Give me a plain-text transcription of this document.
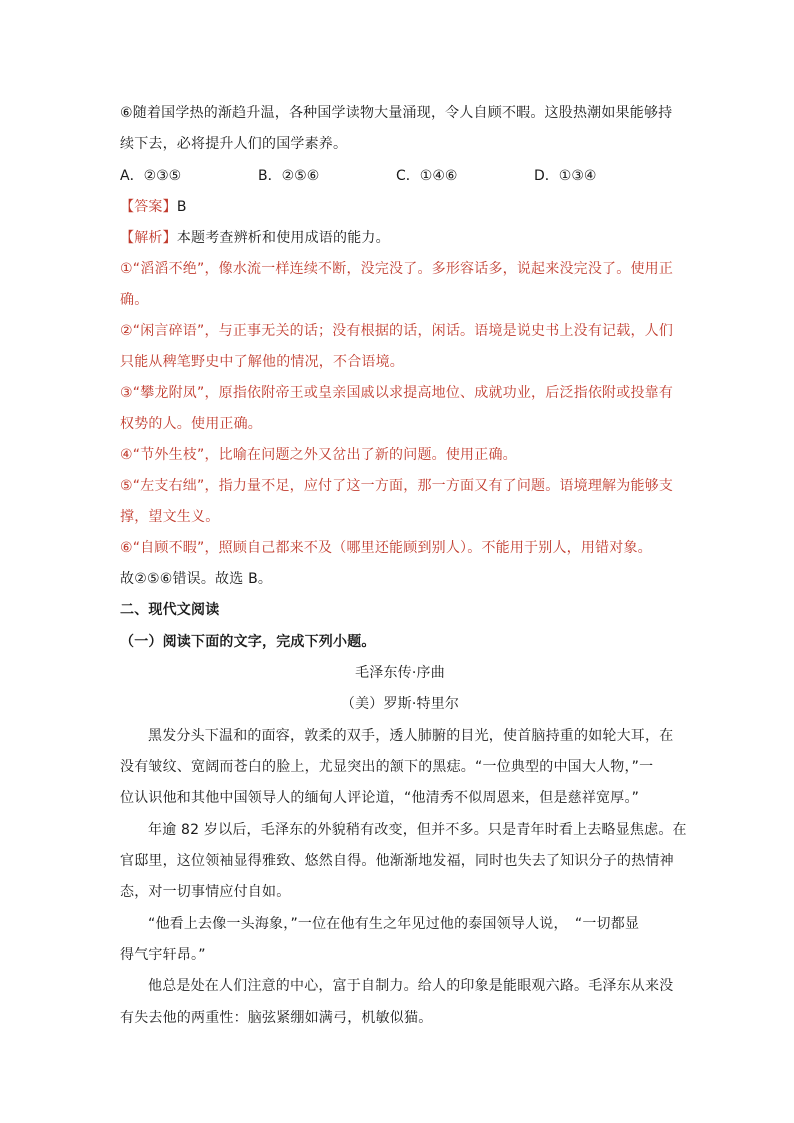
⑥随着国学热的渐趋升温，各种国学读物大量涌现，令人自顾不暇。这股热潮如果能够持
续下去，必将提升人们的国学素养。
A．②③⑤	B．②⑤⑥	C．①④⑥	D．①③④
【答案】B
【解析】本题考查辨析和使用成语的能力。
①“滔滔不绝”，像水流一样连续不断，没完没了。多形容话多，说起来没完没了。使用正
确。
②“闲言碎语”，与正事无关的话；没有根据的话，闲话。语境是说史书上没有记载，人们
只能从稗笔野史中了解他的情况，不合语境。
③“攀龙附凤”，原指依附帝王或皇亲国戚以求提高地位、成就功业，后泛指依附或投靠有
权势的人。使用正确。
④“节外生枝”，比喻在问题之外又岔出了新的问题。使用正确。
⑤“左支右绌”，指力量不足，应付了这一方面，那一方面又有了问题。语境理解为能够支
撑，望文生义。
⑥“自顾不暇”，照顾自己都来不及（哪里还能顾到别人）。不能用于别人，用错对象。
故②⑤⑥错误。故选 B。
二、现代文阅读
（一）阅读下面的文字，完成下列小题。
毛泽东传·序曲
（美）罗斯·特里尔
黑发分头下温和的面容，敦柔的双手，透人肺腑的目光，使首脑持重的如轮大耳，在
没有皱纹、宽阔而苍白的脸上，尤显突出的颔下的黑痣。“一位典型的中国大人物，”一
位认识他和其他中国领导人的缅甸人评论道，“他清秀不似周恩来，但是慈祥宽厚。”
年逾 82 岁以后，毛泽东的外貌稍有改变，但并不多。只是青年时看上去略显焦虑。在
官邸里，这位领袖显得雅致、悠然自得。他渐渐地发福，同时也失去了知识分子的热情神
态，对一切事情应付自如。
“他看上去像一头海象，”一位在他有生之年见过他的泰国领导人说，　“一切都显
得气宇轩昂。”
他总是处在人们注意的中心，富于自制力。给人的印象是能眼观六路。毛泽东从来没
有失去他的两重性：脑弦紧绷如满弓，机敏似猫。
